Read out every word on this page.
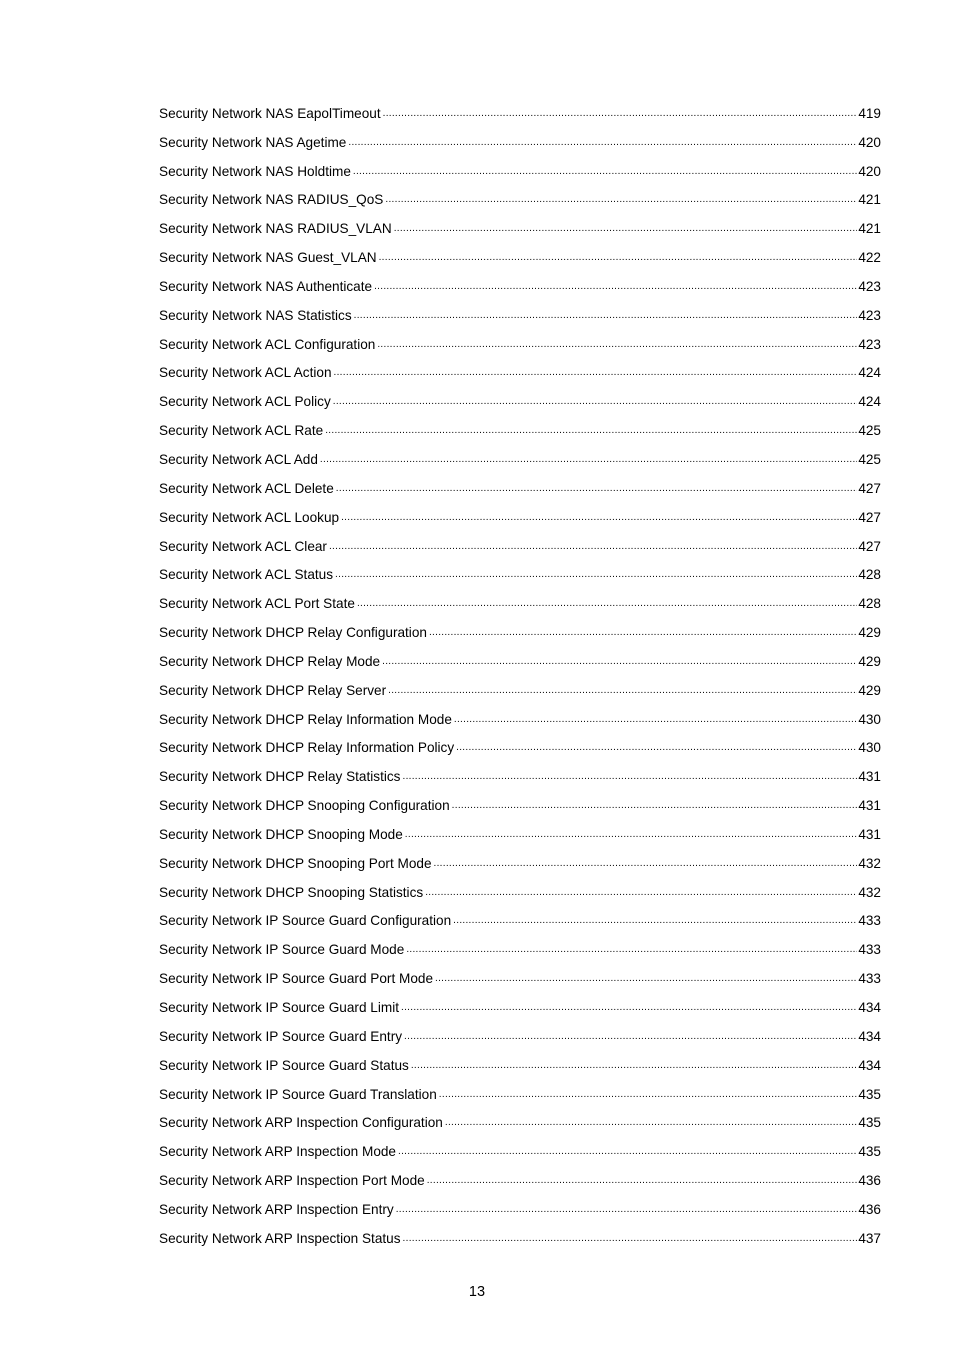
Security Network NAS EapolTimeout .....	419
Security Network NAS Agetime .....	420
Security Network NAS Holdtime .....	420
Security Network NAS RADIUS_QoS .....	421
Security Network NAS RADIUS_VLAN .....	421
Security Network NAS Guest_VLAN .....	422
Security Network NAS Authenticate .....	423
Security Network NAS Statistics .....	423
Security Network ACL Configuration .....	423
Security Network ACL Action .....	424
Security Network ACL Policy .....	424
Security Network ACL Rate .....	425
Security Network ACL Add .....	425
Security Network ACL Delete .....	427
Security Network ACL Lookup .....	427
Security Network ACL Clear .....	427
Security Network ACL Status .....	428
Security Network ACL Port State .....	428
Security Network DHCP Relay Configuration .....	429
Security Network DHCP Relay Mode .....	429
Security Network DHCP Relay Server .....	429
Security Network DHCP Relay Information Mode .....	430
Security Network DHCP Relay Information Policy .....	430
Security Network DHCP Relay Statistics .....	431
Security Network DHCP Snooping Configuration .....	431
Security Network DHCP Snooping Mode .....	431
Security Network DHCP Snooping Port Mode .....	432
Security Network DHCP Snooping Statistics .....	432
Security Network IP Source Guard Configuration .....	433
Security Network IP Source Guard Mode .....	433
Security Network IP Source Guard Port Mode .....	433
Security Network IP Source Guard Limit .....	434
Security Network IP Source Guard Entry .....	434
Security Network IP Source Guard Status .....	434
Security Network IP Source Guard Translation .....	435
Security Network ARP Inspection Configuration .....	435
Security Network ARP Inspection Mode .....	435
Security Network ARP Inspection Port Mode .....	436
Security Network ARP Inspection Entry .....	436
Security Network ARP Inspection Status .....	437
13
